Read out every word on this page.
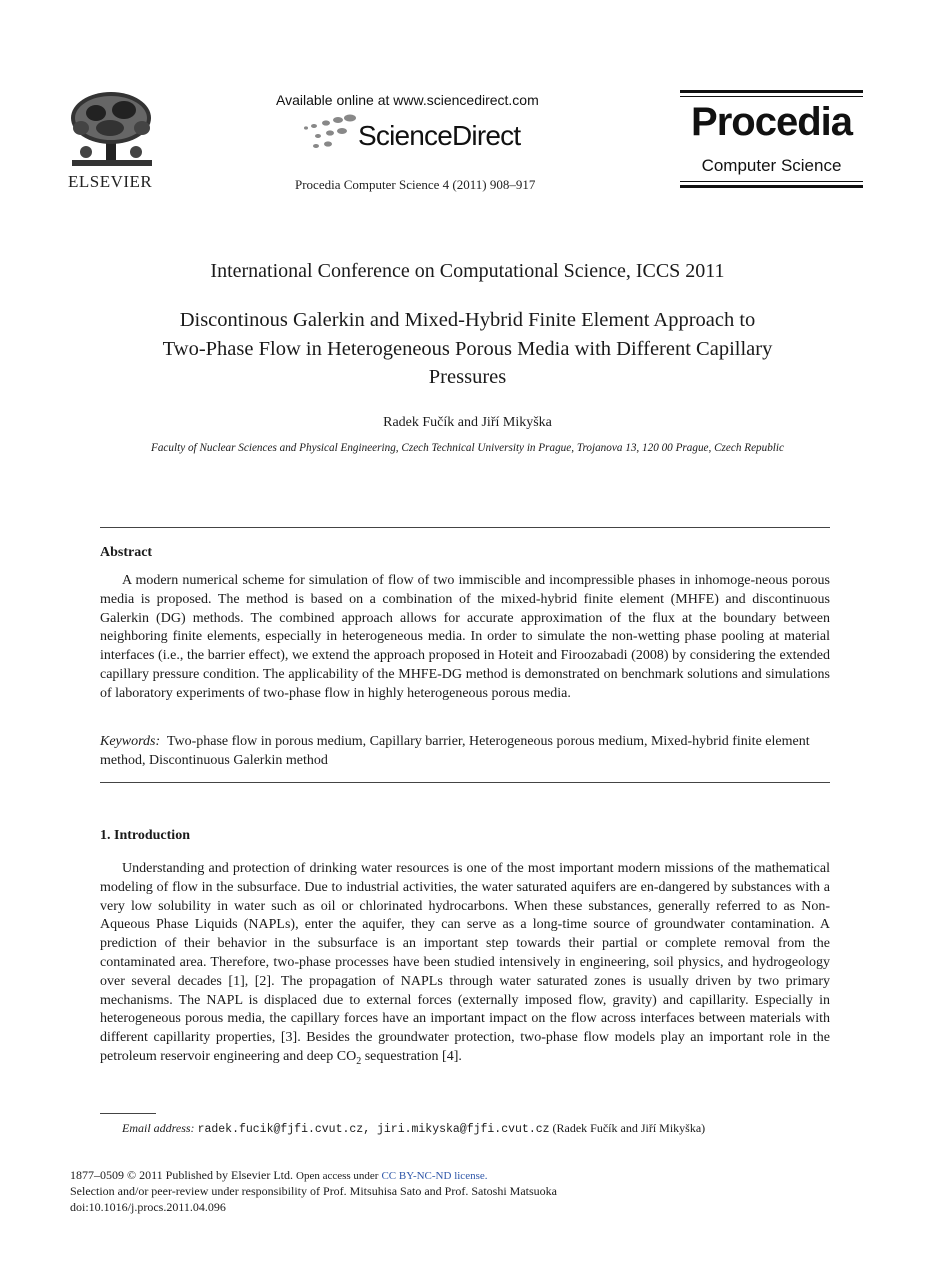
ELSEVIER
Available online at www.sciencedirect.com
ScienceDirect
Procedia Computer Science 4 (2011) 908–917
Procedia
Computer Science
International Conference on Computational Science, ICCS 2011
Discontinous Galerkin and Mixed-Hybrid Finite Element Approach to
Two-Phase Flow in Heterogeneous Porous Media with Different Capillary
Pressures
Radek Fučík and Jiří Mikyška
Faculty of Nuclear Sciences and Physical Engineering, Czech Technical University in Prague, Trojanova 13, 120 00 Prague, Czech Republic
Abstract
A modern numerical scheme for simulation of flow of two immiscible and incompressible phases in inhomoge-neous porous media is proposed. The method is based on a combination of the mixed-hybrid finite element (MHFE) and discontinuous Galerkin (DG) methods. The combined approach allows for accurate approximation of the flux at the boundary between neighboring finite elements, especially in heterogeneous media. In order to simulate the non-wetting phase pooling at material interfaces (i.e., the barrier effect), we extend the approach proposed in Hoteit and Firoozabadi (2008) by considering the extended capillary pressure condition. The applicability of the MHFE-DG method is demonstrated on benchmark solutions and simulations of laboratory experiments of two-phase flow in highly heterogeneous porous media.
Keywords: Two-phase flow in porous medium, Capillary barrier, Heterogeneous porous medium, Mixed-hybrid finite element method, Discontinuous Galerkin method
1. Introduction
Understanding and protection of drinking water resources is one of the most important modern missions of the mathematical modeling of flow in the subsurface. Due to industrial activities, the water saturated aquifers are en-dangered by substances with a very low solubility in water such as oil or chlorinated hydrocarbons. When these substances, generally referred to as Non-Aqueous Phase Liquids (NAPLs), enter the aquifer, they can serve as a long-time source of groundwater contamination. A prediction of their behavior in the subsurface is an important step towards their partial or complete removal from the contaminated area. Therefore, two-phase processes have been studied intensively in engineering, soil physics, and hydrogeology over several decades [1], [2]. The propagation of NAPLs through water saturated zones is usually driven by two primary mechanisms. The NAPL is displaced due to external forces (externally imposed flow, gravity) and capillarity. Especially in heterogeneous porous media, the capillary forces have an important impact on the flow across interfaces between materials with different capillarity properties, [3]. Besides the groundwater protection, two-phase flow models play an important role in the petroleum reservoir engineering and deep $CO_2$ sequestration [4].
Email address: radek.fucik@fjfi.cvut.cz, jiri.mikyska@fjfi.cvut.cz (Radek Fučík and Jiří Mikyška)
1877–0509 © 2011 Published by Elsevier Ltd. Open access under CC BY-NC-ND license.
Selection and/or peer-review under responsibility of Prof. Mitsuhisa Sato and Prof. Satoshi Matsuoka
doi:10.1016/j.procs.2011.04.096
